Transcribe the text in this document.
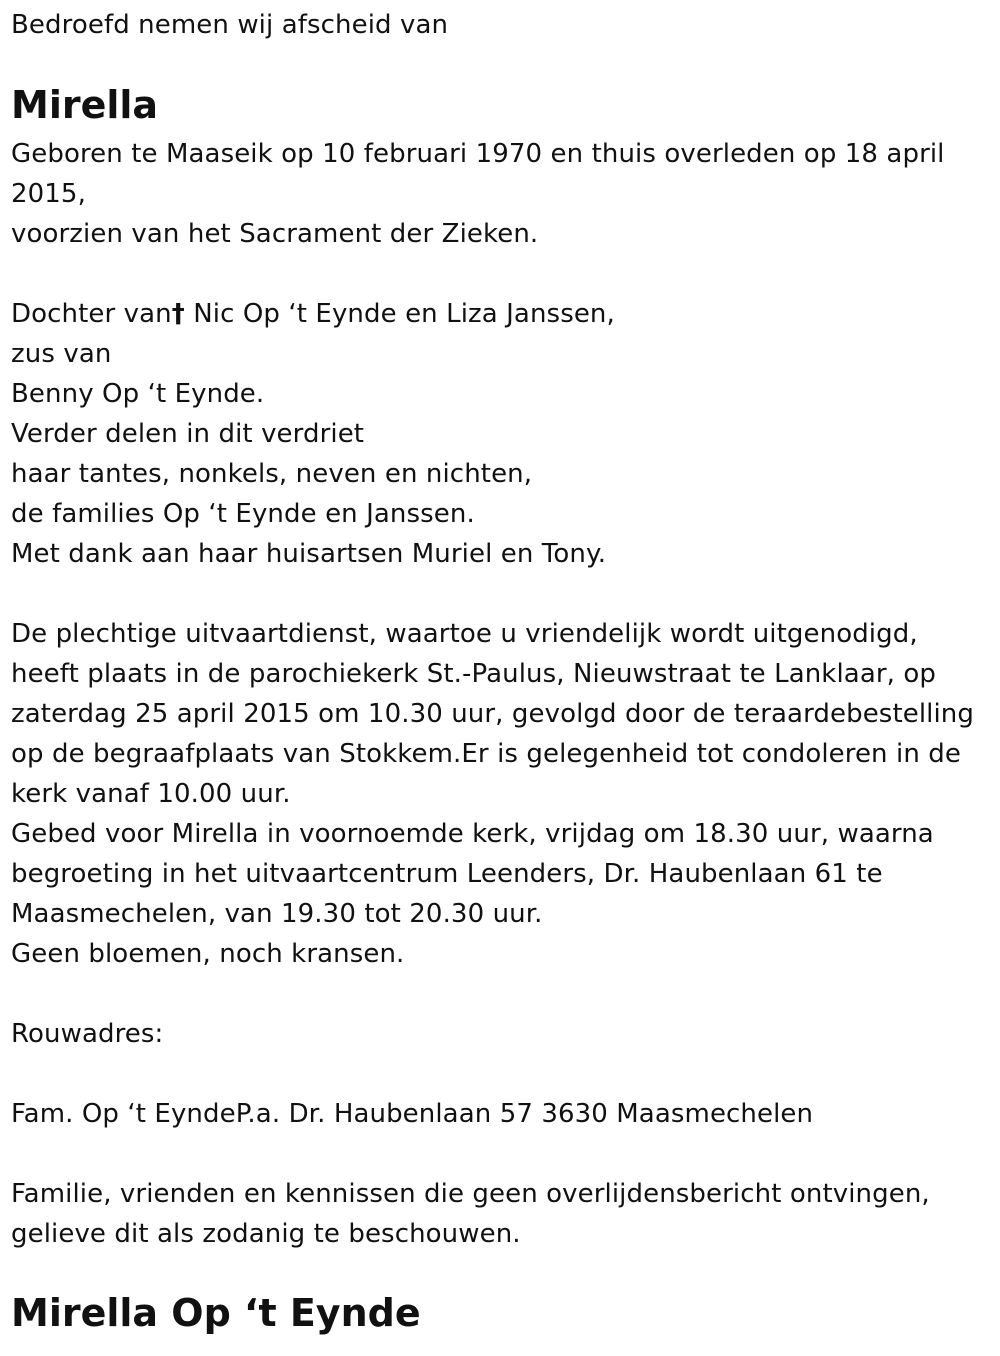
Bedroefd nemen wij afscheid van
Mirella
Geboren te Maaseik op 10 februari 1970 en thuis overleden op 18 april
2015,
voorzien van het Sacrament der Zieken.
Dochter van† Nic Op ‘t Eynde en Liza Janssen,
zus van
Benny Op ‘t Eynde.
Verder delen in dit verdriet
haar tantes, nonkels, neven en nichten,
de families Op ‘t Eynde en Janssen.
Met dank aan haar huisartsen Muriel en Tony.
De plechtige uitvaartdienst, waartoe u vriendelijk wordt uitgenodigd,
heeft plaats in de parochiekerk St.-Paulus, Nieuwstraat te Lanklaar, op
zaterdag 25 april 2015 om 10.30 uur, gevolgd door de teraardebestelling
op de begraafplaats van Stokkem.Er is gelegenheid tot condoleren in de
kerk vanaf 10.00 uur.
Gebed voor Mirella in voornoemde kerk, vrijdag om 18.30 uur, waarna
begroeting in het uitvaartcentrum Leenders, Dr. Haubenlaan 61 te
Maasmechelen, van 19.30 tot 20.30 uur.
Geen bloemen, noch kransen.
Rouwadres:
Fam. Op ‘t EyndeP.a. Dr. Haubenlaan 57 3630 Maasmechelen
Familie, vrienden en kennissen die geen overlijdensbericht ontvingen,
gelieve dit als zodanig te beschouwen.
Mirella Op ‘t Eynde
